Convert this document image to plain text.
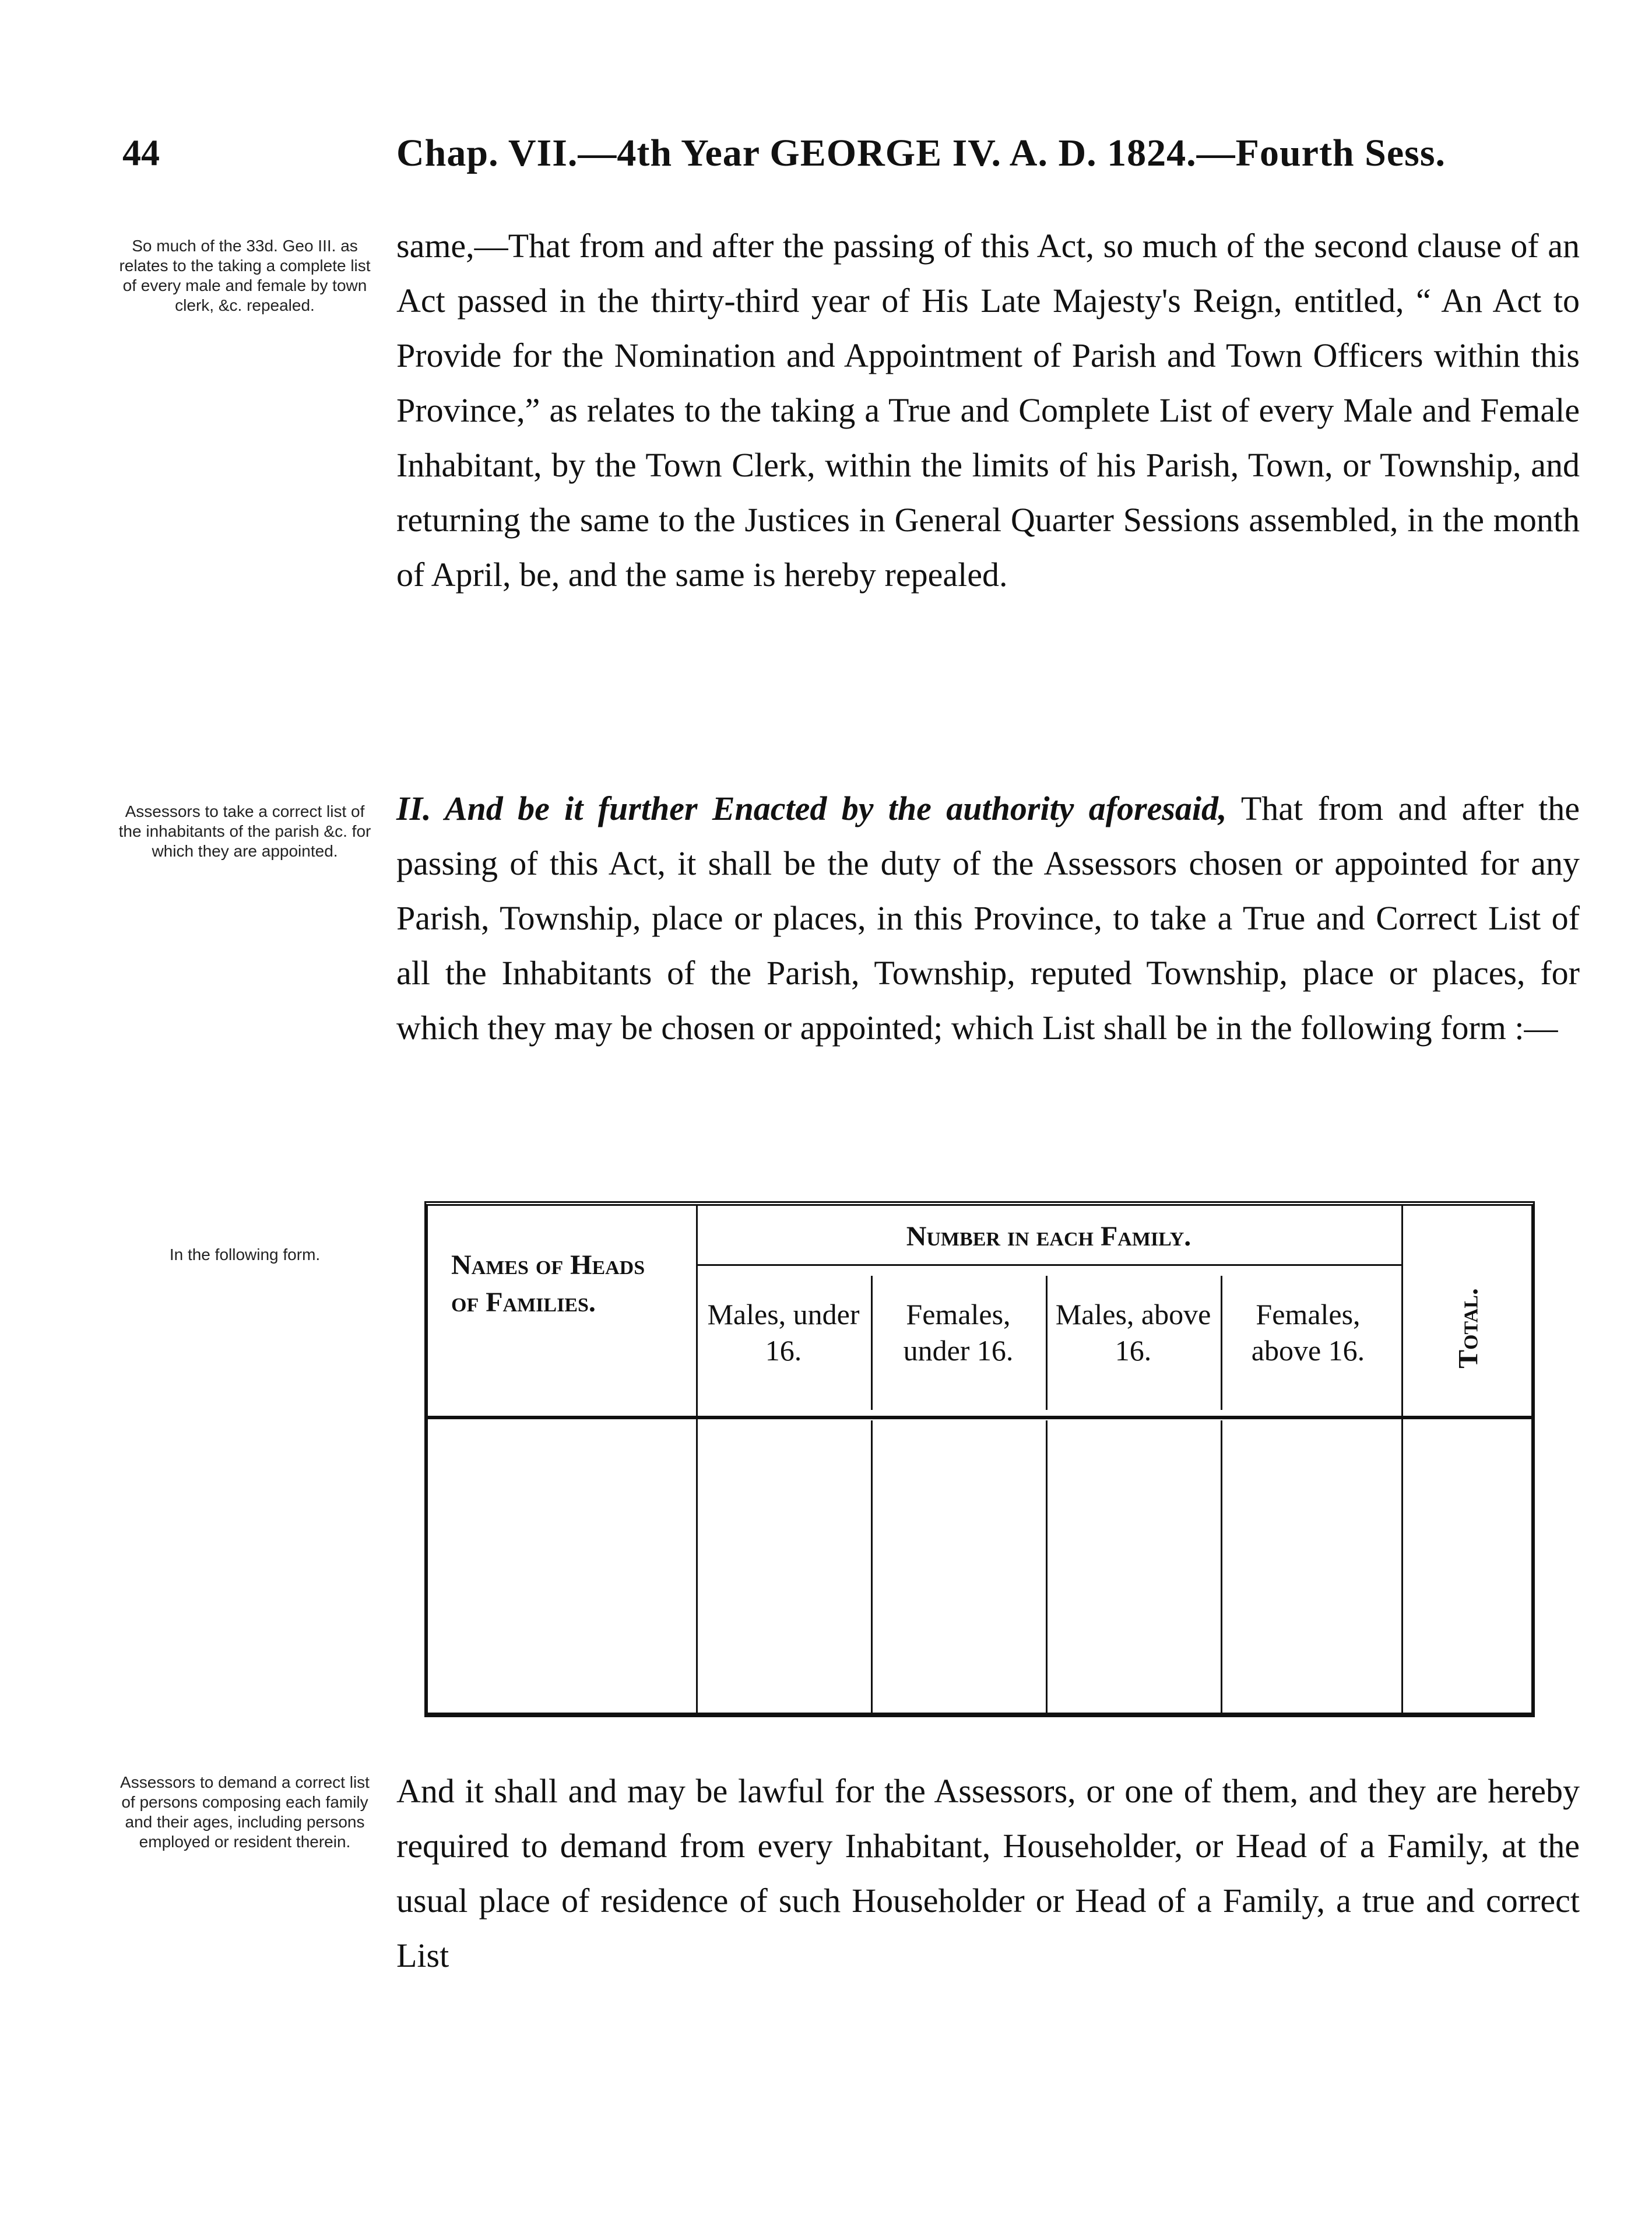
44	Chap. VII.—4th Year GEORGE IV. A. D. 1824.—Fourth Sess.
So much of the 33d. Geo III. as relates to the taking a complete list of every male and female by town clerk, &c. repealed.
Assessors to take a correct list of the inhabitants of the parish &c. for which they are appointed.
In the following form.
Assessors to demand a correct list of persons composing each family and their ages, including persons employed or resident therein.
same,—That from and after the passing of this Act, so much of the second clause of an Act passed in the thirty-third year of His Late Majesty's Reign, entitled, “ An Act to Provide for the Nomination and Appointment of Parish and Town Officers within this Province,” as relates to the taking a True and Complete List of every Male and Female Inhabitant, by the Town Clerk, within the limits of his Parish, Town, or Township, and returning the same to the Justices in General Quarter Sessions assembled, in the month of April, be, and the same is hereby repealed.
II. And be it further Enacted by the authority aforesaid, That from and after the passing of this Act, it shall be the duty of the Assessors chosen or appointed for any Parish, Township, place or places, in this Province, to take a True and Correct List of all the Inhabitants of the Parish, Township, reputed Township, place or places, for which they may be chosen or appointed; which List shall be in the following form :—
Names of Heads of Families.
Number in each Family.
Males, under 16.
Females, under 16.
Males, above 16.
Females, above 16.	Total.
And it shall and may be lawful for the Assessors, or one of them, and they are hereby required to demand from every Inhabitant, Householder, or Head of a Family, at the usual place of residence of such Householder or Head of a Family, a true and correct List
